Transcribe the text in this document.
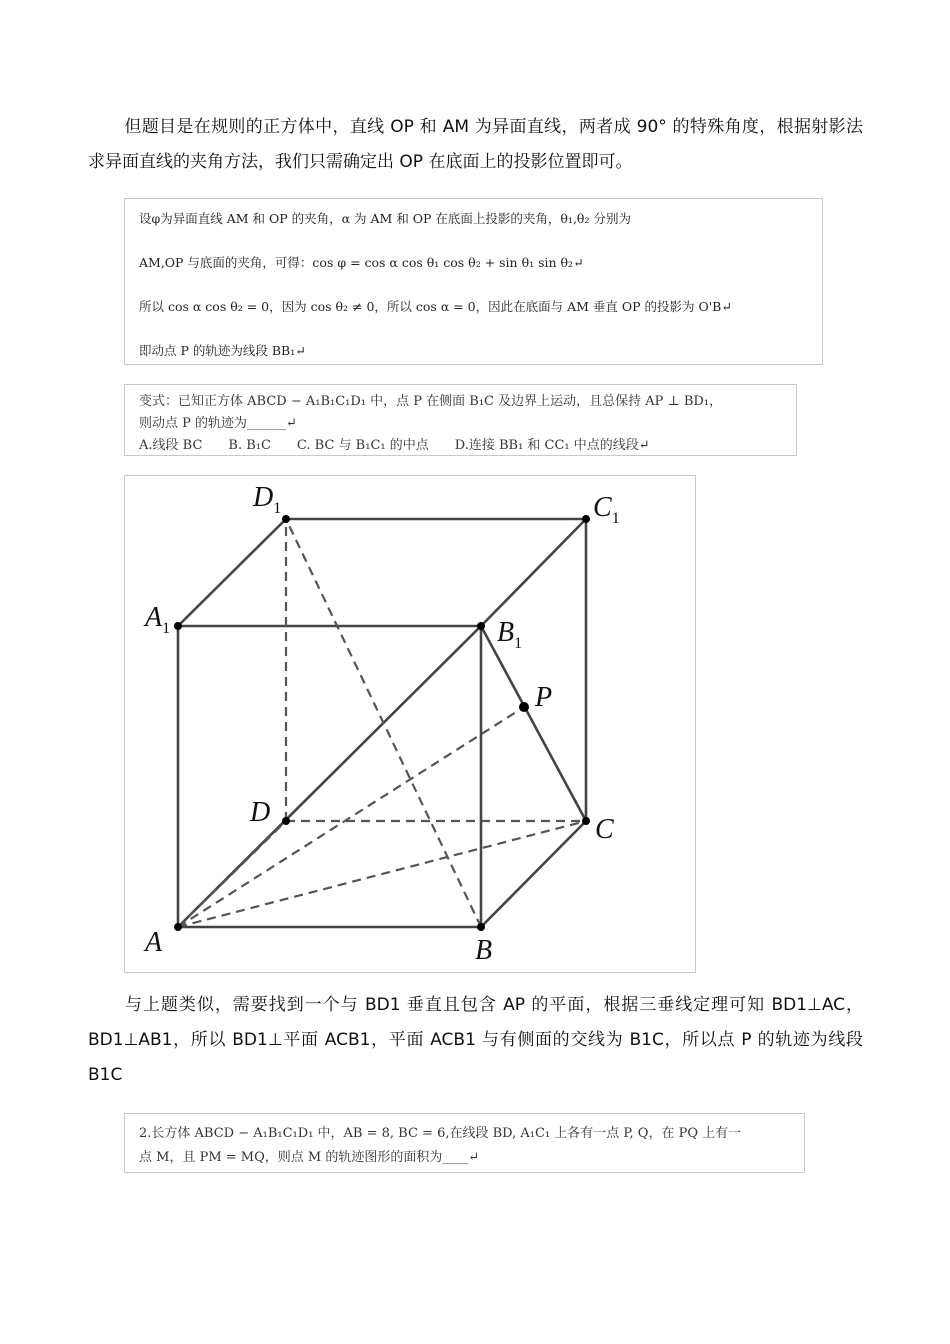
但题目是在规则的正方体中，直线 OP 和 AM 为异面直线，两者成 90° 的特殊角度，根据射影法求异面直线的夹角方法，我们只需确定出 OP 在底面上的投影位置即可。
设φ为异面直线 AM 和 OP 的夹角，α 为 AM 和 OP 在底面上投影的夹角，θ₁,θ₂ 分别为
AM,OP 与底面的夹角，可得：cos φ = cos α cos θ₁ cos θ₂ + sin θ₁ sin θ₂↵
所以 cos α cos θ₂ = 0，因为 cos θ₂ ≠ 0，所以 cos α = 0，因此在底面与 AM 垂直 OP 的投影为 O'B↵
即动点 P 的轨迹为线段 BB₁↵
变式：已知正方体 ABCD − A₁B₁C₁D₁ 中，点 P 在侧面 B₁C 及边界上运动，且总保持 AP ⊥ BD₁，
则动点 P 的轨迹为______↵
A.线段 BC　　B. B₁C　　C. BC 与 B₁C₁ 的中点　　D.连接 BB₁ 和 CC₁ 中点的线段↵
$D_1$	$C_1$
$A_1$	$B_1$
P
D
C
A	B
与上题类似，需要找到一个与 BD1 垂直且包含 AP 的平面，根据三垂线定理可知 BD1⊥AC，BD1⊥AB1，所以 BD1⊥平面 ACB1，平面 ACB1 与有侧面的交线为 B1C，所以点 P 的轨迹为线段 B1C
2.长方体 ABCD − A₁B₁C₁D₁ 中，AB = 8, BC = 6,在线段 BD, A₁C₁ 上各有一点 P, Q，在 PQ 上有一
点 M，且 PM = MQ，则点 M 的轨迹图形的面积为____↵
